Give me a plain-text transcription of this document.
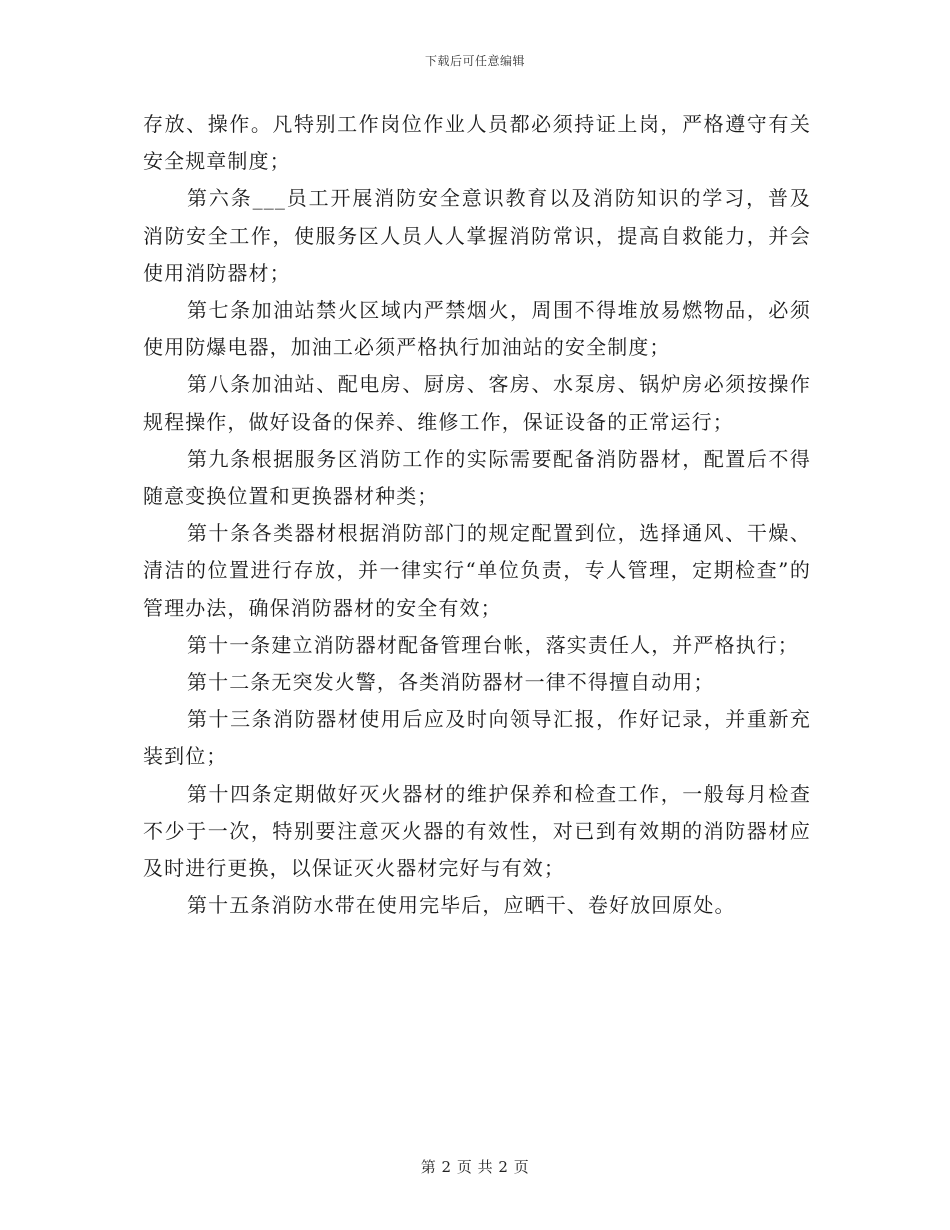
下载后可任意编辑

存放、操作。凡特别工作岗位作业人员都必须持证上岗，严格遵守有关安全规章制度；

第六条___员工开展消防安全意识教育以及消防知识的学习，普及消防安全工作，使服务区人员人人掌握消防常识，提高自救能力，并会使用消防器材；

第七条加油站禁火区域内严禁烟火，周围不得堆放易燃物品，必须使用防爆电器，加油工必须严格执行加油站的安全制度；

第八条加油站、配电房、厨房、客房、水泵房、锅炉房必须按操作规程操作，做好设备的保养、维修工作，保证设备的正常运行；

第九条根据服务区消防工作的实际需要配备消防器材，配置后不得随意变换位置和更换器材种类；

第十条各类器材根据消防部门的规定配置到位，选择通风、干燥、清洁的位置进行存放，并一律实行“单位负责，专人管理，定期检查”的管理办法，确保消防器材的安全有效；

第十一条建立消防器材配备管理台帐，落实责任人，并严格执行；

第十二条无突发火警，各类消防器材一律不得擅自动用；

第十三条消防器材使用后应及时向领导汇报，作好记录，并重新充装到位；

第十四条定期做好灭火器材的维护保养和检查工作，一般每月检查不少于一次，特别要注意灭火器的有效性，对已到有效期的消防器材应及时进行更换，以保证灭火器材完好与有效；

第十五条消防水带在使用完毕后，应晒干、卷好放回原处。

第 2 页 共 2 页
